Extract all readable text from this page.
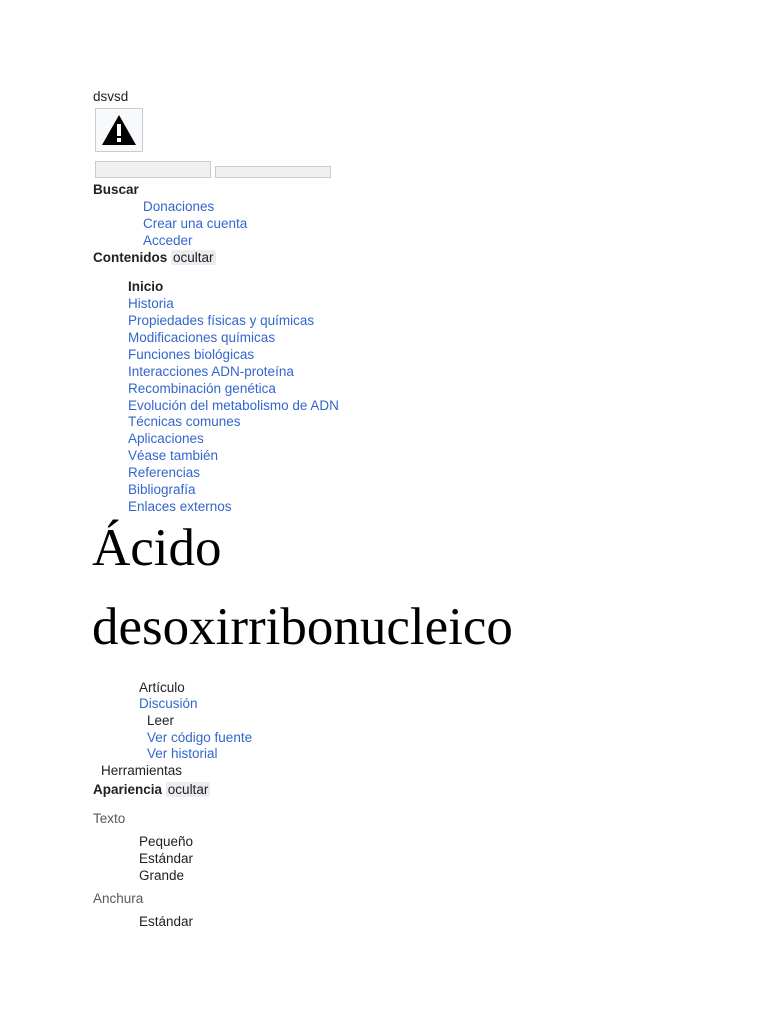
dsvsd
Buscar
Donaciones
Crear una cuenta
Acceder
Contenidos ocultar
Inicio
Historia
Propiedades físicas y químicas
Modificaciones químicas
Funciones biológicas
Interacciones ADN-proteína
Recombinación genética
Evolución del metabolismo de ADN
Técnicas comunes
Aplicaciones
Véase también
Referencias
Bibliografía
Enlaces externos
Ácido
desoxirribonucleico
Artículo
Discusión
Leer
Ver código fuente
Ver historial
Herramientas
Apariencia ocultar
Texto
Pequeño
Estándar
Grande
Anchura
Estándar
